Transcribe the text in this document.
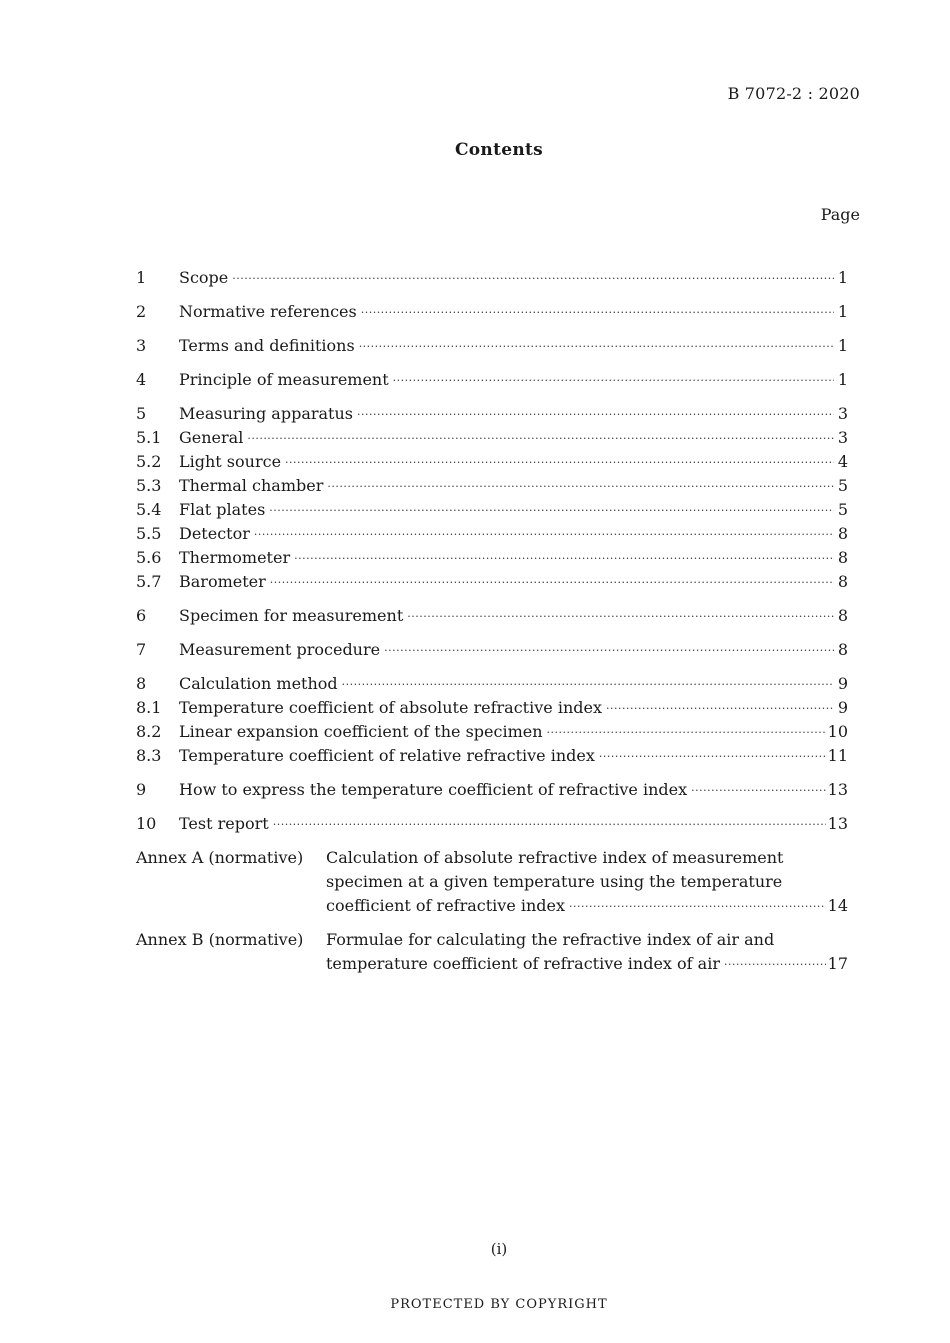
B 7072-2 : 2020
Contents
Page
1	Scope ·····	1
2	Normative references ·····	1
3	Terms and definitions ·····	1
4	Principle of measurement ·····	1
5	Measuring apparatus ·····	3
5.1	General ·····	3
5.2	Light source ·····	4
5.3	Thermal chamber ·····	5
5.4	Flat plates ·····	5
5.5	Detector ·····	8
5.6	Thermometer ·····	8
5.7	Barometer ·····	8
6	Specimen for measurement ·····	8
7	Measurement procedure ·····	8
8	Calculation method ·····	9
8.1	Temperature coefficient of absolute refractive index ·····	9
8.2	Linear expansion coefficient of the specimen ·····	10
8.3	Temperature coefficient of relative refractive index ·····	11
9	How to express the temperature coefficient of refractive index ·····	13
10	Test report ·····	13
Annex A (normative)	Calculation of absolute refractive index of measurement
specimen at a given temperature using the temperature
coefficient of refractive index ·····	14
Annex B (normative)	Formulae for calculating the refractive index of air and
temperature coefficient of refractive index of air ·····	17
(i)
PROTECTED BY COPYRIGHT
